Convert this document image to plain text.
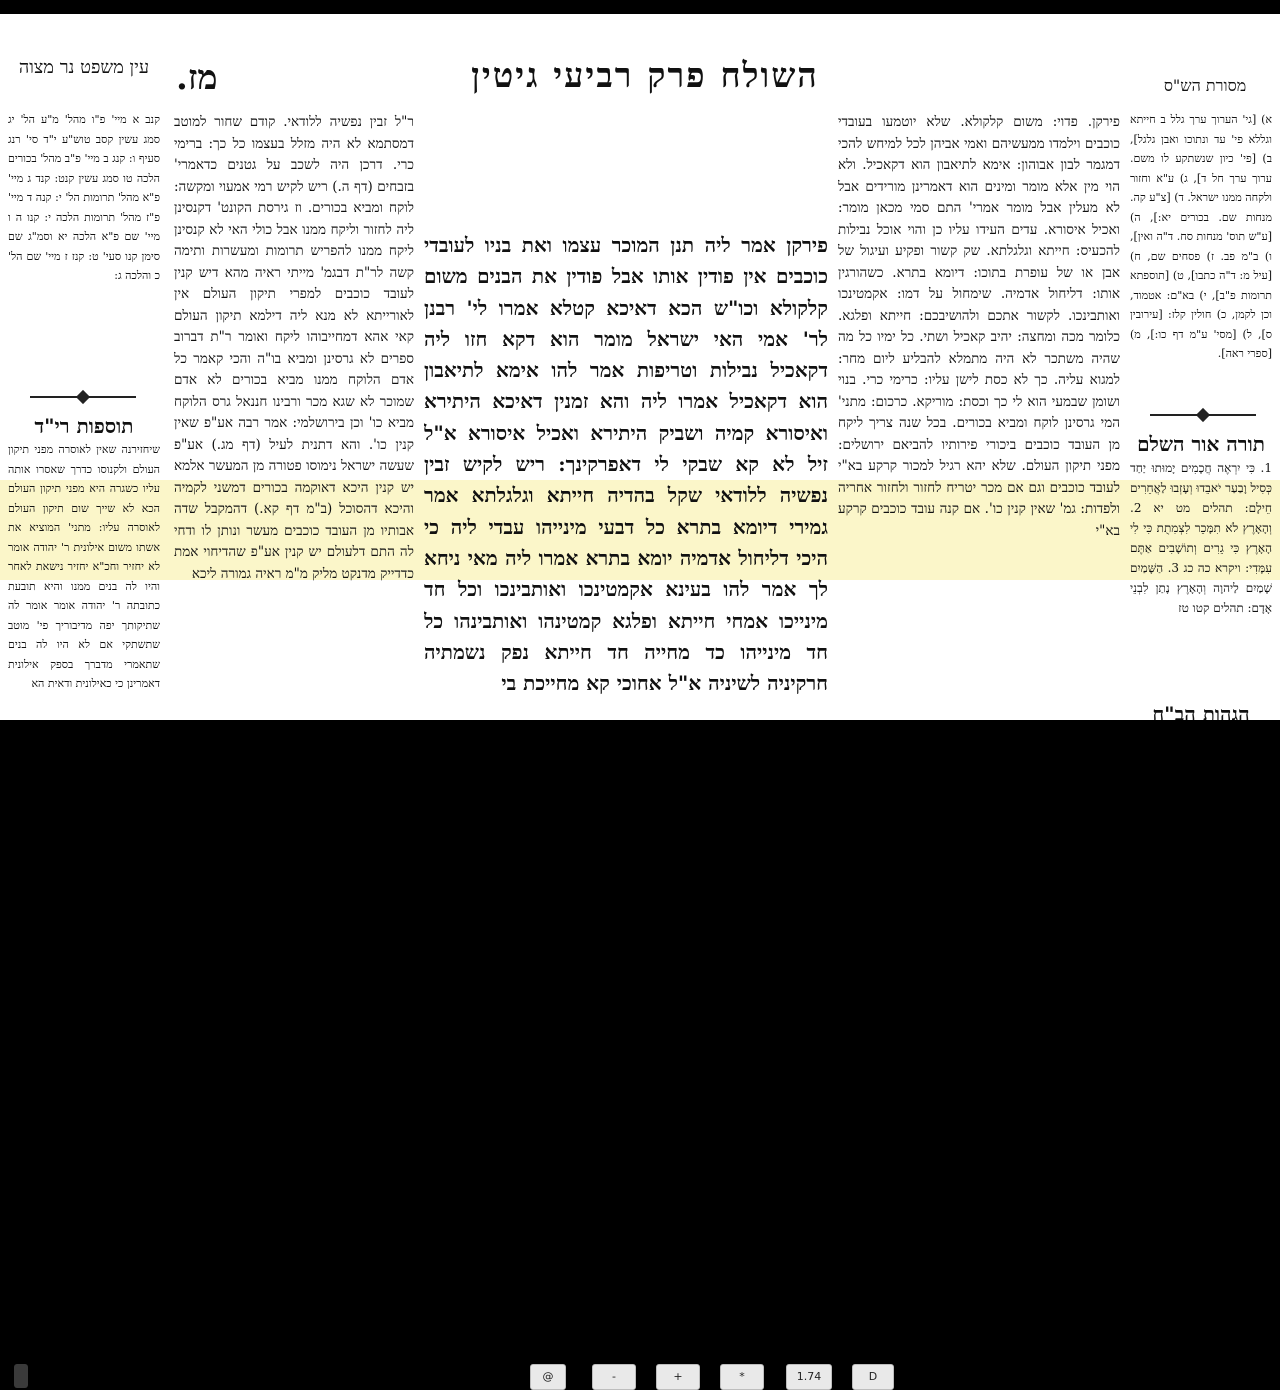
השולח פרק רביעי גיטין
מז.	מסורת הש"ס
עין משפט נר מצוה

א) [גי' הערוך ערך גלל ב חייתא וגללא פי' עד ונתוכו ואבן גלגל], ב) [פי' כיון שנשתקע לו משם. ערוך ערך חל ד], ג) ע"א וחזור ולקחה ממנו ישראל. ד) [צ"ע קה. מנחות שם. בכורים יא:], ה) [ע"ש תוס' מנחות סח. ד"ה ואין], ו) ב"מ פב. ז) פסחים שם, ח) [עיל מ: ד"ה כתבו], ט) [תוספתא תרומות פ"ב], י) בא"ם: אטמוד, וכן לקמן, כ) חולין קלז: [עירובין ס], ל) [מסי' ע"מ דף כו:], מ) [ספרי ראה].

תורה אור השלם

1. כִּי יִרְאֶה חֲכָמִים יָמוּתוּ יַחַד כְּסִיל וָבַעַר יֹאבֵדוּ וְעָזְבוּ לַאֲחֵרִים חֵילָם: תהלים מט יא 2. וְהָאָרֶץ לֹא תִמָּכֵר לִצְמִתֻת כִּי לִי הָאָרֶץ כִּי גֵרִים וְתוֹשָׁבִים אַתֶּם עִמָּדִי: ויקרא כה כג 3. הַשָּׁמַיִם שָׁמַיִם לַיהוָה וְהָאָרֶץ נָתַן לִבְנֵי אָדָם: תהלים קטו טז

הגהות הב"ח

פירקן. פדוי: משום קלקולא. שלא יוטמעו בעובדי כוכבים וילמדו ממעשיהם ואמי אביהן לכל למיחש להכי דמגמר לבון אבוהון: אימא לתיאבון הוא דקאכיל. ולא הוי מין אלא מומר ומינים הוא דאמרינן מורידים אבל לא מעלין אבל מומר אמרי' התם סמי מכאן מומר: ואכיל איסורא. עדים העידו עליו כן והוי אוכל נבילות להכעיס: חייתא וגלגלתא. שק קשור ופקיע ועיגול של אבן או של עופרת בתוכו: דיומא בתרא. כשהורגין אותו: דליחול אדמיה. שימחול על דמו: אקמטינכו ואותבינכו. לקשור אתכם ולהושיבכם: חייתא ופלגא. כלומר מכה ומחצה: יהיב קאכיל ושתי. כל ימיו כל מה שהיה משתכר לא היה מתמלא להבליע ליום מחר: למגוא עליה. כך לא כסת לישן עליו: כרימי כרי. בנוי ושומן שבמעי הוא לי כך וכסת: מוריקא. כרכום: מתני' המי גרסינן לוקח ומביא בכורים. בכל שנה צריך ליקח מן העובד כוכבים ביכורי פירותיו להביאם ירושלים: מפני תיקון העולם. שלא יהא רגיל למכור קרקע בא"י לעובד כוכבים וגם אם מכר יטריח לחזור ולחזור אחריה ולפדות: גמ' שאין קנין כו'. אם קנה עובד כוכבים קרקע בא"י

פירקן אמר ליה תנן המוכר עצמו ואת בניו לעובדי כוכבים אין פודין אותו אבל פודין את הבנים משום קלקולא וכו"ש הכא דאיכא קטלא אמרו לי' רבנן לר' אמי האי ישראל מומר הוא דקא חזו ליה דקאכיל נבילות וטריפות אמר להו אימא לתיאבון הוא דקאכיל אמרו ליה והא זמנין דאיכא היתירא ואיסורא קמיה ושביק היתירא ואכיל איסורא א"ל זיל לא קא שבקי לי דאפרקינך: ריש לקיש זבין נפשיה ללודאי שקל בהדיה חייתא וגלגלתא אמר גמירי דיומא בתרא כל דבעי מינייהו עבדי ליה כי היכי דליחול אדמיה יומא בתרא אמרו ליה מאי ניחא לך אמר להו בעינא אקמטינכו ואותבינכו וכל חד מינייכו אמחי חייתא ופלגא קמטינהו ואותבינהו כל חד מינייהו כד מחייה חד חייתא נפק נשמתיה חרקיניה לשיניה א"ל אחוכי קא מחייכת בי

ר"ל זבין נפשיה ללודאי. קודם שחור למוטב דמסתמא לא היה מזלל בעצמו כל כך: ברימי כרי. דרכן היה לשכב על גטנים כדאמרי' בזבחים (דף ה.) ריש לקיש רמי אמעוי ומקשה: לוקח ומביא בכורים. וז גירסת הקונט' דקנסינן ליה לחזור וליקח ממנו אבל כולי האי לא קנסינן ליקח ממנו להפריש תרומות ומעשרות ותימה קשה לר"ת דבגמ' מייתי ראיה מהא דיש קנין לעובד כוכבים למפרי תיקון העולם אין לאורייתא לא מנא ליה דילמא תיקון העולם קאי אהא דמחייבוהו ליקח ואומר ר"ת דברוב ספרים לא גרסינן ומביא בו"ה והכי קאמר כל אדם הלוקח ממנו מביא בכורים לא אדם שמוכר לא שגא מכר ורבינו חננאל גרס הלוקח מביא כו' וכן בירושלמי: אמר רבה אע"פ שאין קנין כו'. והא דתנית לעיל (דף מג.) אע"פ שעשה ישראל נימוסו פטורה מן המעשר אלמא יש קנין היכא דאוקמה בכורים דמשני לקמיה והיכא דהסוכל (ב"מ דף קא.) דהמקבל שדה אבותיו מן העובד כוכבים מעשר ונותן לו ודחי לה התם דלעולם יש קנין אע"פ שהדיחוי אמת כדדייק מדנקט מליק מ"מ ראיה גמורה ליכא

קנב א מיי' פ"ו מהל' מ"ע הל' יג סמג עשין קסב טוש"ע י"ד סי' רנג סעיף ו: קנג ב מיי' פ"ב מהל' בכורים הלכה טו סמג עשין קנט: קנד ג מיי' פ"א מהל' תרומות הל' י: קנה ד מיי' פ"ז מהל' תרומות הלכה י: קנו ה ו מיי' שם פ"א הלכה יא וסמ"ג שם סימן קנו סעי' ט: קנז ז מיי' שם הל' כ והלכה ג:

תוספות רי"ד

שיחזירנה שאין לאוסרה מפני תיקון העולם ולקנוסו כדרך שאסרו אותה עליו כשגרה היא מפני תיקון העולם הכא לא שייך שום תיקון העולם לאוסרה עליו: מתני' המוציא את אשתו משום אילונית ר' יהודה אומר לא יחזיר וחכ"א יחזיר נישאת לאחר והיו לה בנים ממנו והיא תובעת כתובתה ר' יהודה אומר אומר לה שתיקותך יפה מדיבוריך פי' מוטב שתשתקי אם לא היו לה בנים שתאמרי מדברך בספק אילונית דאמרינן כי כאילונית ודאית הא

@	-	+	*	1.74	D
